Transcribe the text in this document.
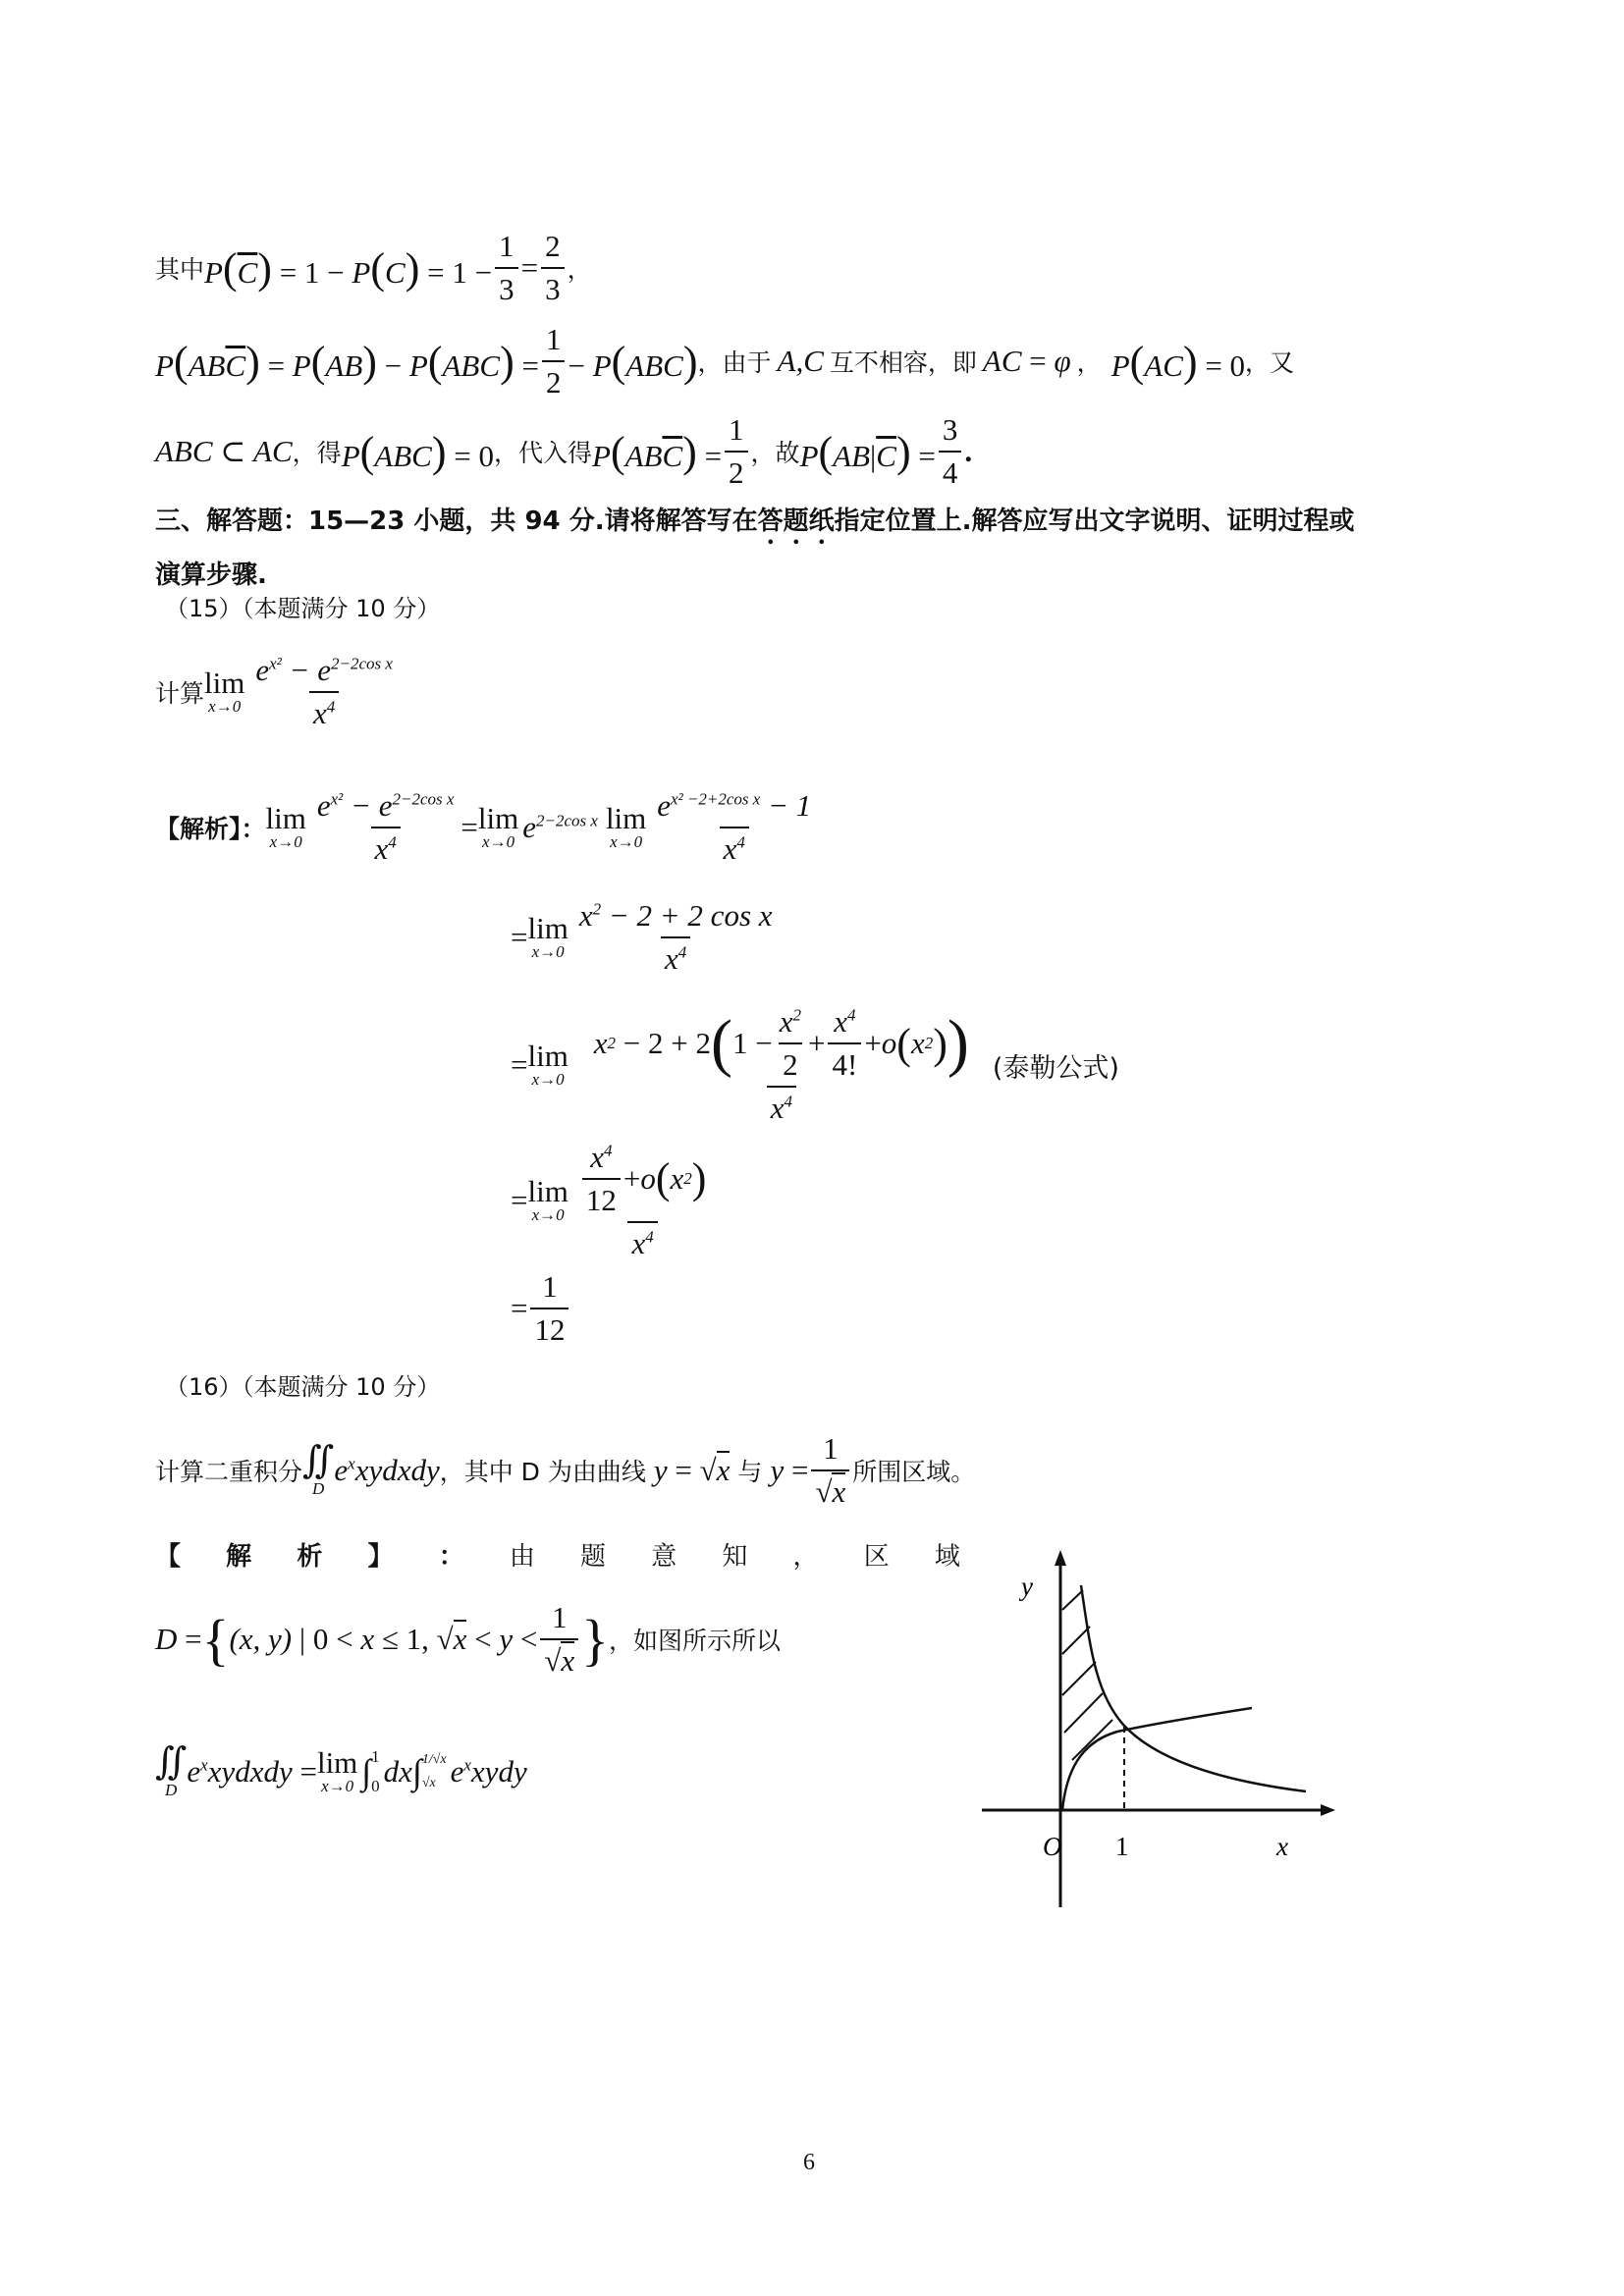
其中 $P(\overline{C}) = 1 - P(C) = 1 - \frac{1}{3} = \frac{2}{3}$ ，
$P(AB\overline{C}) = P(AB) - P(ABC) = \frac{1}{2} - P(ABC)$ ，由于 A,C 互不相容，即 AC = φ ， P(AC) = 0 ，又
ABC ⊂ AC ，得 P(ABC) = 0 ，代入得 $P(AB\overline{C}) = \frac{1}{2}$ ，故 $P(AB|\overline{C}) = \frac{3}{4}$ .
三、解答题：15—23 小题，共 94 分.请将解答写在答题纸指定位置上.解答应写出文字说明、证明过程或
演算步骤.
（15）（本题满分 10 分）
计算 lim
$x\to 0 \frac{e^{x^2} - e^{2-2cos x}}{x^4}$
【解析】： lim
$x\to 0 \frac{e^{x^2} - e^{2-2cos x}}{x^4} = \lim$
x→0 $e^{2-2cos x}$ lim
$x\to 0 \frac{e^{x^2 -2+2cos x} - 1}{x^4}$
= lim
$x\to 0 \frac{x^2 - 2 + 2 \cos x}{x^4}$
= lim
$x\to 0 \frac{x 2 - 2 + 2 ( 1 - \frac{x^2}{2} + \frac{x^4}{4!} + o ( x 2 ) )}{x^4}$ (泰勒公式)
= lim
$x\to 0 \frac{\frac{x^4}{12} + o ( x 2 )}{x^4}$
= $\frac{1}{12}$
（16）（本题满分 10 分）
计算二重积分 ∬
D
$e^xxydxdy$ ，其中 D 为由曲线 y = √x 与 $y = \frac{1}{√x}$ 所围区域。
【 解 析 】 ： 由 题 意 知 ， 区 域
D = { (x, y) | 0 < x ≤ 1, $√x < y < \frac{1}{√x}$ } ，如图所示所以
∬
D
$e^xxydxdy = \lim$
x→0 ∫ 1
0 dx ∫ 1/√x
√x $e^xxydy$
y
x
O 1
6
